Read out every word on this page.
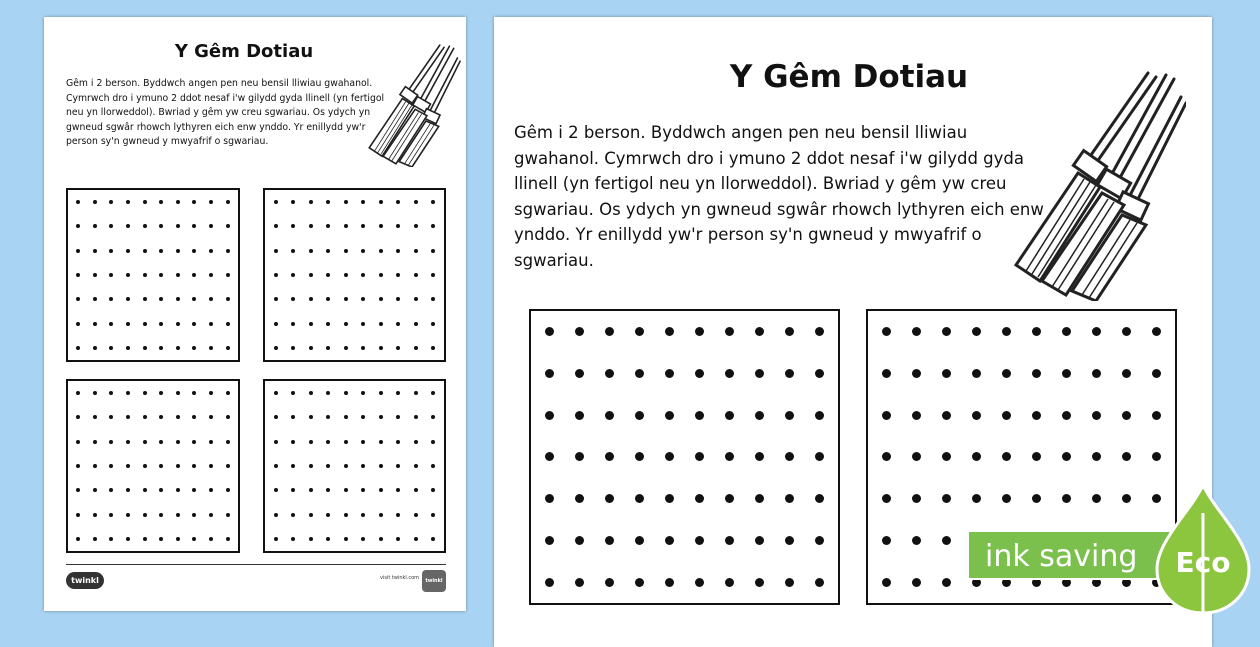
Y Gêm Dotiau

Gêm i 2 berson. Byddwch angen pen neu bensil lliwiau gwahanol. Cymrwch dro i ymuno 2 ddot nesaf i'w gilydd gyda llinell (yn fertigol neu yn llorweddol). Bwriad y gêm yw creu sgwariau. Os ydych yn gwneud sgwâr rhowch lythyren eich enw ynddo. Yr enillydd yw'r person sy'n gwneud y mwyafrif o sgwariau.

twinkl	visit twinkl.com	twinkl
Y Gêm Dotiau

Gêm i 2 berson. Byddwch angen pen neu bensil lliwiau gwahanol. Cymrwch dro i ymuno 2 ddot nesaf i'w gilydd gyda llinell (yn fertigol neu yn llorweddol). Bwriad y gêm yw creu sgwariau. Os ydych yn gwneud sgwâr rhowch lythyren eich enw ynddo. Yr enillydd yw'r person sy'n gwneud y mwyafrif o sgwariau.

ink saving	Eco
